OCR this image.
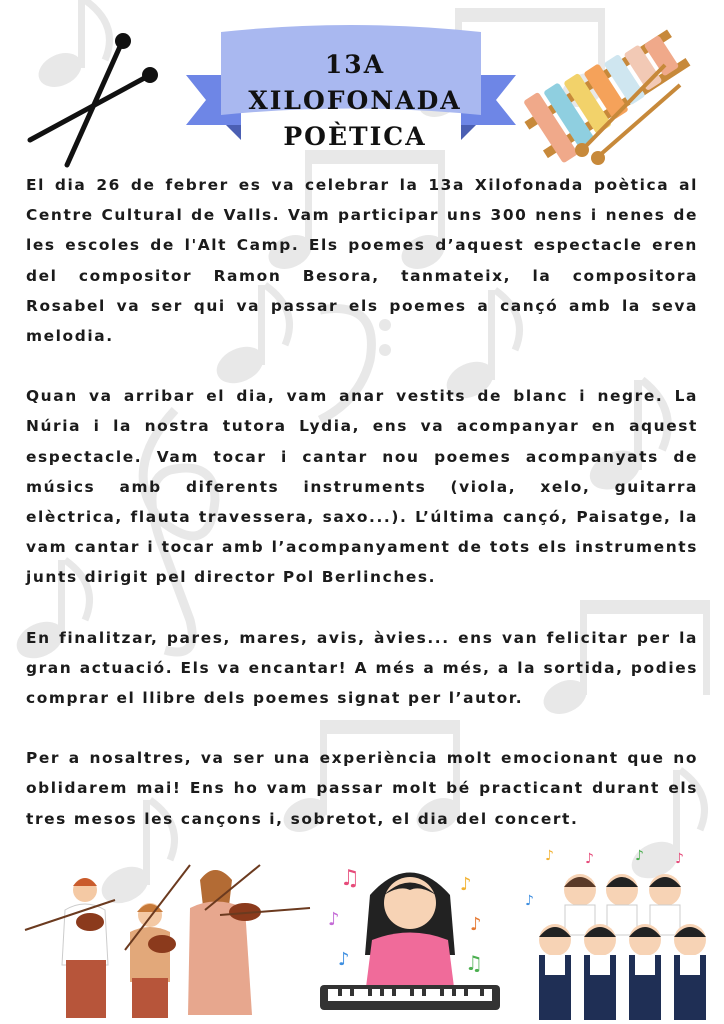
13A XILOFONADA
POÈTICA

El dia 26 de febrer es va celebrar la 13a Xilofonada poètica al Centre Cultural de Valls. Vam participar uns 300 nens i nenes de les escoles de l'Alt Camp. Els poemes d’aquest espectacle eren del compositor Ramon Besora, tanmateix, la compositora Rosabel va ser qui va passar els poemes a cançó amb la seva melodia.

Quan va arribar el dia, vam anar vestits de blanc i negre. La Núria i la nostra tutora Lydia, ens va acompanyar en aquest espectacle. Vam tocar i cantar nou poemes acompanyats de músics amb diferents instruments (viola, xelo, guitarra elèctrica, flauta travessera, saxo...). L’última cançó, Paisatge, la vam cantar i tocar amb l’acompanyament de tots els instruments junts dirigit pel director Pol Berlinches.

En finalitzar, pares, mares, avis, àvies... ens van felicitar per la gran actuació. Els va encantar! A més a més, a la sortida, podies comprar el llibre dels poemes signat per l’autor.

Per a nosaltres, va ser una experiència molt emocionant que no oblidarem mai! Ens ho vam passar molt bé practicant durant els tres mesos les cançons i, sobretot, el dia del concert.

♫
♪
♪
♪
♫
♪
♪ ♪	♪ ♪
♪
